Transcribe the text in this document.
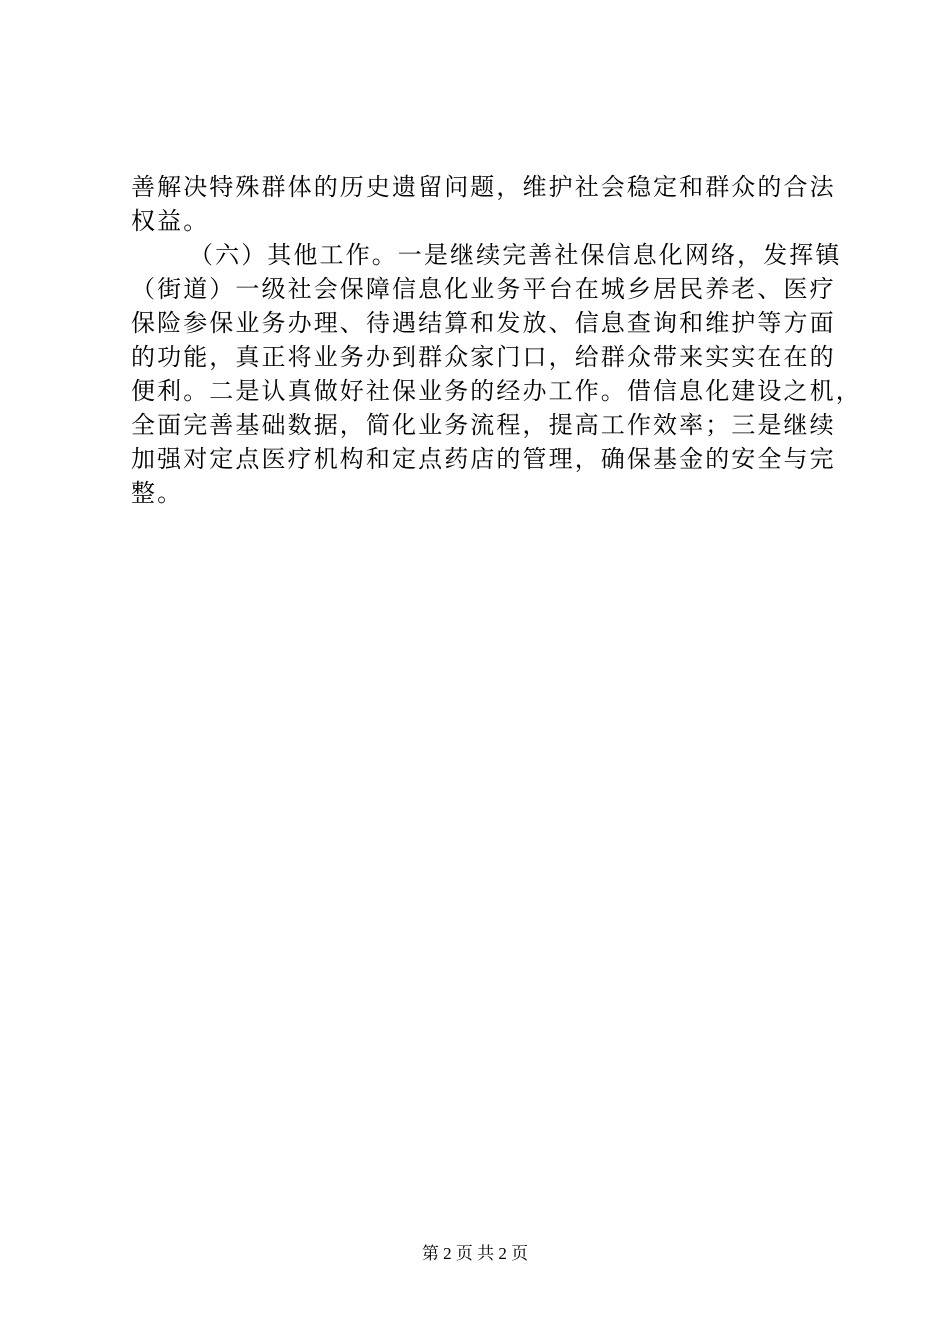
善解决特殊群体的历史遗留问题，维护社会稳定和群众的合法
权益。
（六）其他工作。一是继续完善社保信息化网络，发挥镇
（街道）一级社会保障信息化业务平台在城乡居民养老、医疗
保险参保业务办理、待遇结算和发放、信息查询和维护等方面
的功能，真正将业务办到群众家门口，给群众带来实实在在的
便利。二是认真做好社保业务的经办工作。借信息化建设之机，
全面完善基础数据，简化业务流程，提高工作效率；三是继续
加强对定点医疗机构和定点药店的管理，确保基金的安全与完
整。
第 2 页 共 2 页
